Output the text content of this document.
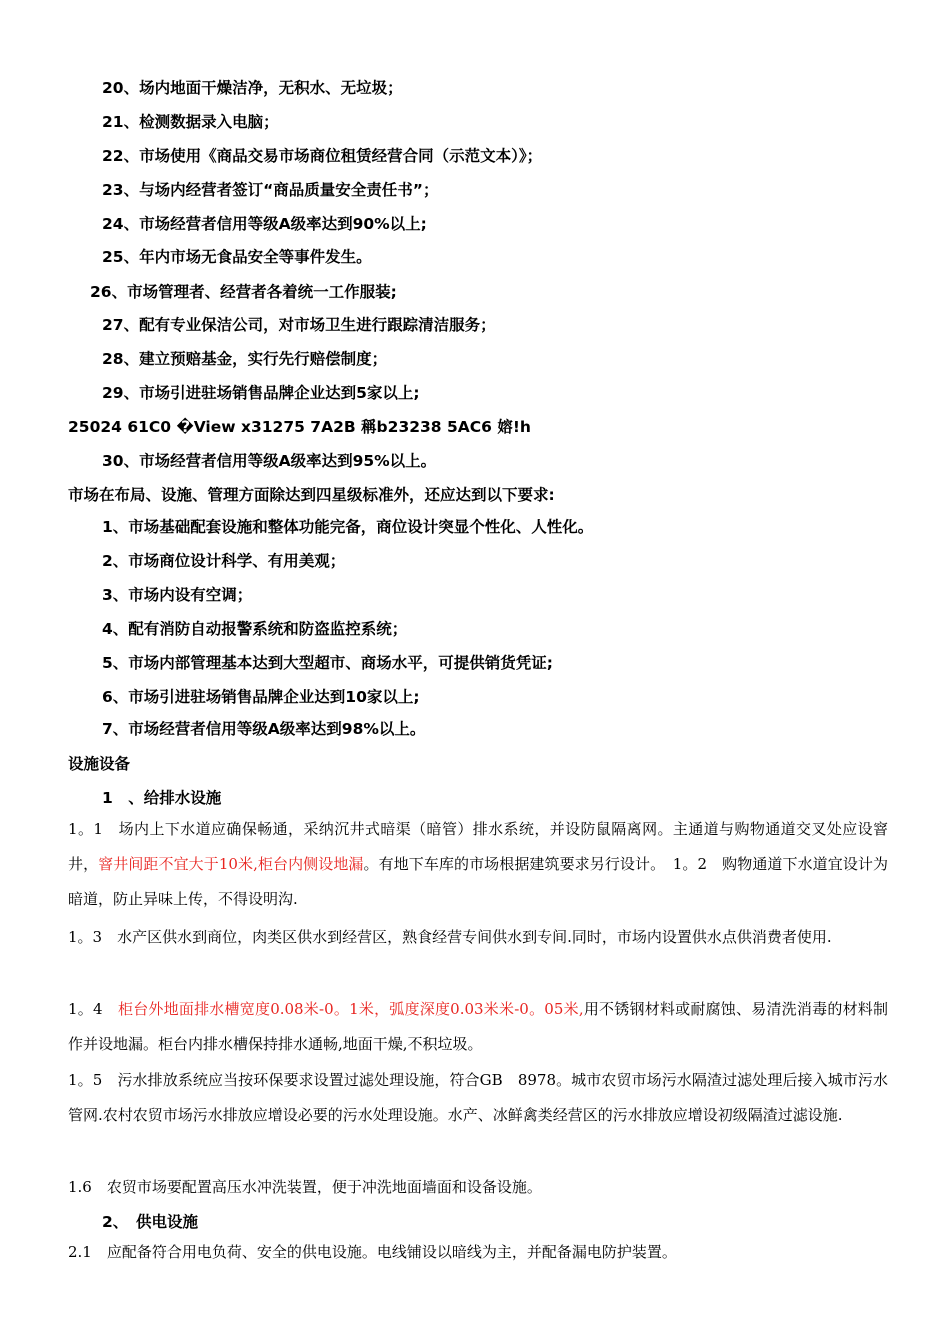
20、场内地面干燥洁净，无积水、无垃圾；
21、检测数据录入电脑；
22、市场使用《商品交易市场商位租赁经营合同（示范文本）》；
23、与场内经营者签订“商品质量安全责任书”；
24、市场经营者信用等级A级率达到90%以上;
25、年内市场无食品安全等事件发生。
26、市场管理者、经营者各着统一工作服装;
27、配有专业保洁公司，对市场卫生进行跟踪清洁服务；
28、建立预赔基金，实行先行赔偿制度；
29、市场引进驻场销售品牌企业达到5家以上;
25024 61C0 �View x31275 7A2B 稱b23238 5AC6 嫆!h
30、市场经营者信用等级A级率达到95%以上。
市场在布局、设施、管理方面除达到四星级标准外，还应达到以下要求:
1、市场基础配套设施和整体功能完备，商位设计突显个性化、人性化。
2、市场商位设计科学、有用美观；
3、市场内设有空调；
4、配有消防自动报警系统和防盗监控系统；
5、市场内部管理基本达到大型超市、商场水平，可提供销货凭证;
6、市场引进驻场销售品牌企业达到10家以上;
7、市场经营者信用等级A级率达到98%以上。
设施设备
1　、给排水设施

1。1　场内上下水道应确保畅通，采纳沉井式暗渠（暗管）排水系统，并设防鼠隔离网。主通道与购物通道交叉处应设窨井，窨井间距不宜大于10米,柜台内侧设地漏。有地下车库的市场根据建筑要求另行设计。　1。2　购物通道下水道宜设计为暗道，防止异味上传，不得设明沟.

1。3　水产区供水到商位，肉类区供水到经营区，熟食经营专间供水到专间.同时，市场内设置供水点供消费者使用.

1。4　柜台外地面排水槽宽度0.08米-0。1米，弧度深度0.03米米-0。05米,用不锈钢材料或耐腐蚀、易清洗消毒的材料制作并设地漏。柜台内排水槽保持排水通畅,地面干燥,不积垃圾。

1。5　污水排放系统应当按环保要求设置过滤处理设施，符合GB　8978。城市农贸市场污水隔渣过滤处理后接入城市污水管网.农村农贸市场污水排放应增设必要的污水处理设施。水产、冰鲜禽类经营区的污水排放应增设初级隔渣过滤设施.

1.6　农贸市场要配置高压水冲洗装置，便于冲洗地面墙面和设备设施。

2、　供电设施

2.1　应配备符合用电负荷、安全的供电设施。电线铺设以暗线为主，并配备漏电防护装置。
